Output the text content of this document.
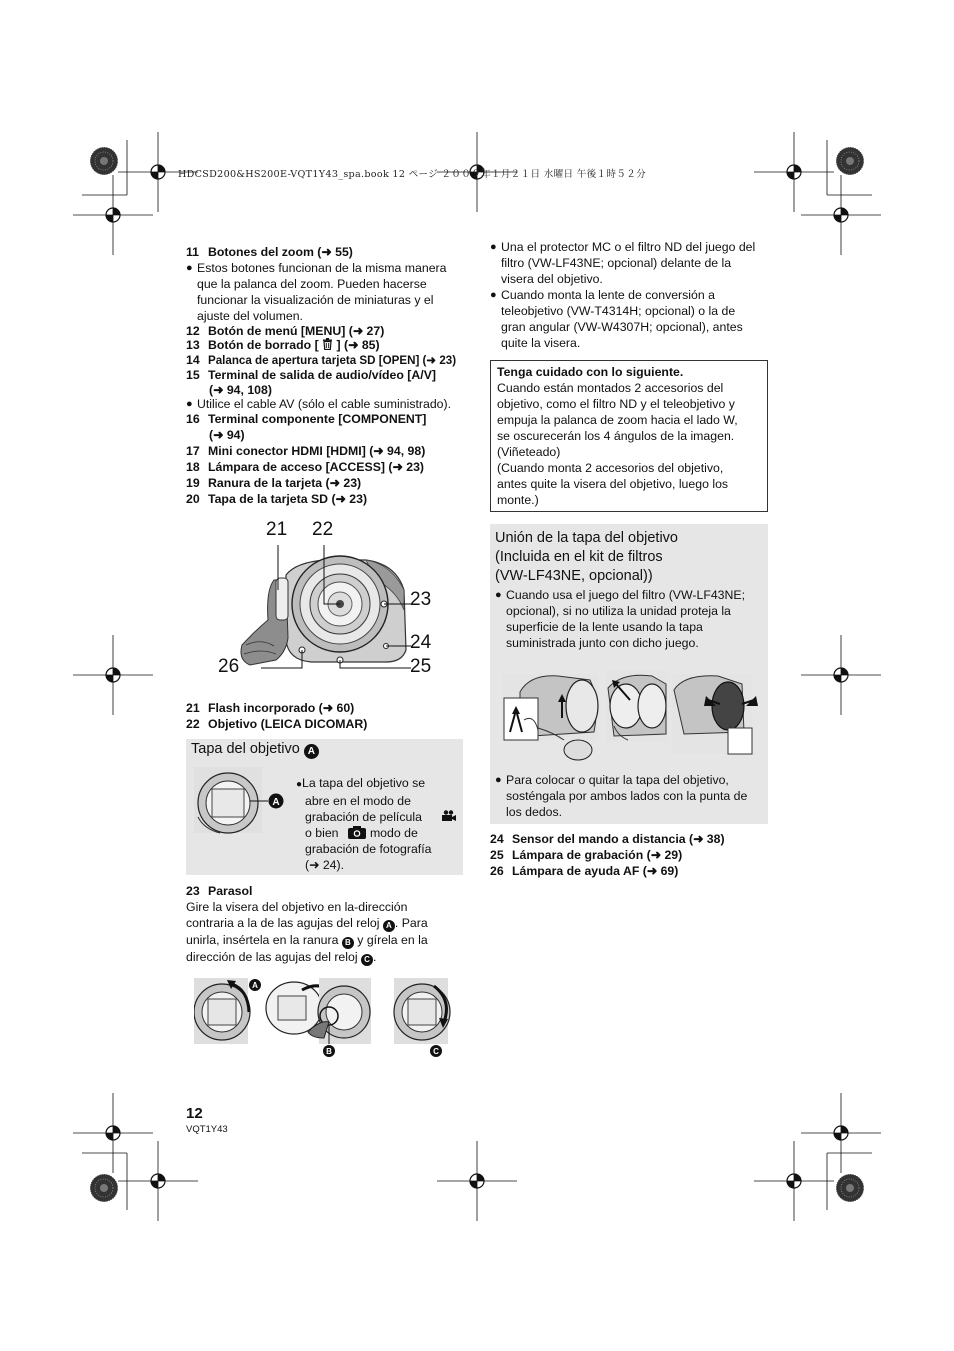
HDCSD200&HS200E-VQT1Y43_spa.book 12 ページ ２００９年１月２１日 水曜日 午後１時５２分
11 Botones del zoom (➜ 55)
● Estos botones funcionan de la misma manera
que la palanca del zoom. Pueden hacerse
funcionar la visualización de miniaturas y el
ajuste del volumen.
12 Botón de menú [MENU] (➜ 27)
13 Botón de borrado [  ] (➜ 85)
14 Palanca de apertura tarjeta SD [OPEN] (➜ 23)
15 Terminal de salida de audio/vídeo [A/V]
(➜ 94, 108)
● Utilice el cable AV (sólo el cable suministrado).
16 Terminal componente [COMPONENT]
(➜ 94)
17 Mini conector HDMI [HDMI] (➜ 94, 98)
18 Lámpara de acceso [ACCESS] (➜ 23)
19 Ranura de la tarjeta (➜ 23)
20 Tapa de la tarjeta SD (➜ 23)
21 22
23
24
25
26
21 Flash incorporado (➜ 60)
22 Objetivo (LEICA DICOMAR)
Tapa del objetivo A
A
●La tapa del objetivo se
abre en el modo de
grabación de película
o bien	modo de
grabación de fotografía
(➜ 24).
23 Parasol
Gire la visera del objetivo en la-dirección
contraria a la de las agujas del reloj A . Para
unirla, insértela en la ranura B y gírela en la
dirección de las agujas del reloj C .
A
B	C
12
VQT1Y43
● Una el protector MC o el filtro ND del juego del
filtro (VW-LF43NE; opcional) delante de la
visera del objetivo.
● Cuando monta la lente de conversión a
teleobjetivo (VW-T4314H; opcional) o la de
gran angular (VW-W4307H; opcional), antes
quite la visera.
Tenga cuidado con lo siguiente.
Cuando están montados 2 accesorios del
objetivo, como el filtro ND y el teleobjetivo y
empuja la palanca de zoom hacia el lado W,
se oscurecerán los 4 ángulos de la imagen.
(Viñeteado)
(Cuando monta 2 accesorios del objetivo,
antes quite la visera del objetivo, luego los
monte.)
Unión de la tapa del objetivo
(Incluida en el kit de filtros
(VW-LF43NE, opcional))
● Cuando usa el juego del filtro (VW-LF43NE;
opcional), si no utiliza la unidad proteja la
superficie de la lente usando la tapa
suministrada junto con dicho juego.
● Para colocar o quitar la tapa del objetivo,
sosténgala por ambos lados con la punta de
los dedos.
24 Sensor del mando a distancia (➜ 38)
25 Lámpara de grabación (➜ 29)
26 Lámpara de ayuda AF (➜ 69)
